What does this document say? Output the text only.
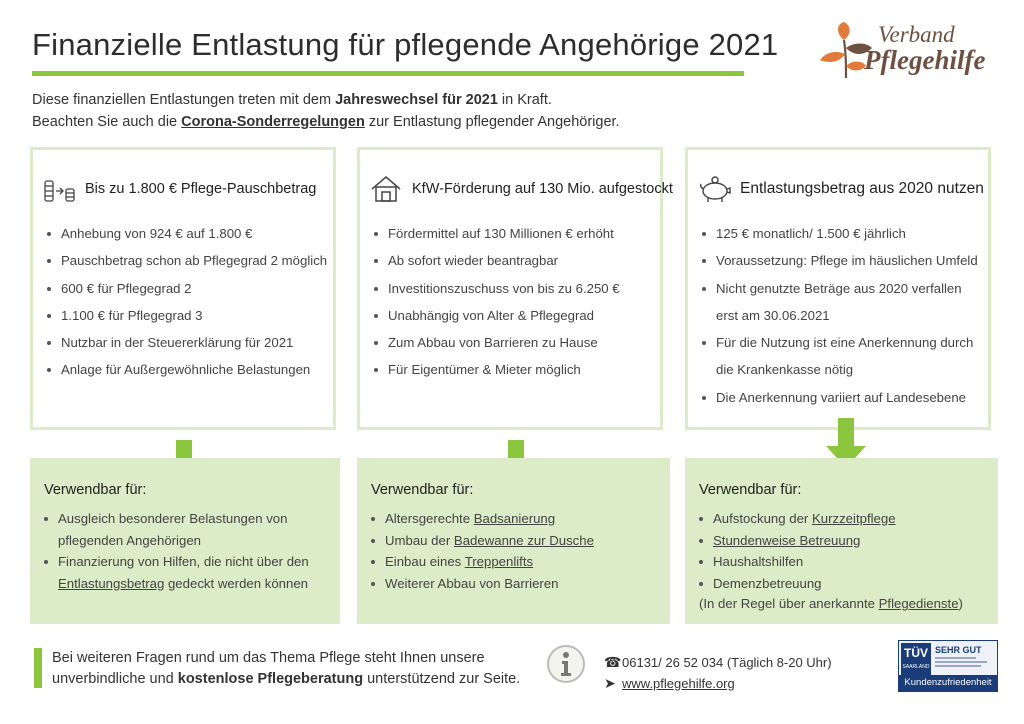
Finanzielle Entlastung für pflegende Angehörige 2021	Verband
Pflegehilfe

Diese finanziellen Entlastungen treten mit dem Jahreswechsel für 2021 in Kraft.

Beachten Sie auch die Corona-Sonderregelungen zur Entlastung pflegender Angehöriger.

Bis zu 1.800 € Pflege-Pauschbetrag
Anhebung von 924 € auf 1.800 €
Pauschbetrag schon ab Pflegegrad 2 möglich
600 € für Pflegegrad 2
1.100 € für Pflegegrad 3
Nutzbar in der Steuererklärung für 2021
Anlage für Außergewöhnliche Belastungen
KfW-Förderung auf 130 Mio. aufgestockt
Fördermittel auf 130 Millionen € erhöht
Ab sofort wieder beantragbar
Investitionszuschuss von bis zu 6.250 €
Unabhängig von Alter & Pflegegrad
Zum Abbau von Barrieren zu Hause
Für Eigentümer & Mieter möglich
Entlastungsbetrag aus 2020 nutzen
125 € monatlich/ 1.500 € jährlich
Voraussetzung: Pflege im häuslichen Umfeld
Nicht genutzte Beträge aus 2020 verfallen
erst am 30.06.2021
Für die Nutzung ist eine Anerkennung durch
die Krankenkasse nötig
Die Anerkennung variiert auf Landesebene
Verwendbar für:
Ausgleich besonderer Belastungen von
pflegenden Angehörigen
Finanzierung von Hilfen, die nicht über den
Entlastungsbetrag gedeckt werden können
Verwendbar für:
Altersgerechte Badsanierung
Umbau der Badewanne zur Dusche
Einbau eines Treppenlifts
Weiterer Abbau von Barrieren
Verwendbar für:
Aufstockung der Kurzzeitpflege
Stundenweise Betreuung
Haushaltshilfen
Demenzbetreuung
(In der Regel über anerkannte Pflegedienste)

Bei weiteren Fragen rund um das Thema Pflege steht Ihnen unsere

unverbindliche und kostenlose Pflegeberatung unterstützend zur Seite.

☎ 06131/ 26 52 034 (Täglich 8-20 Uhr)
➤ www.pflegehilfe.org
TÜV
SAARLAND
SEHR GUT
Kundenzufriedenheit
